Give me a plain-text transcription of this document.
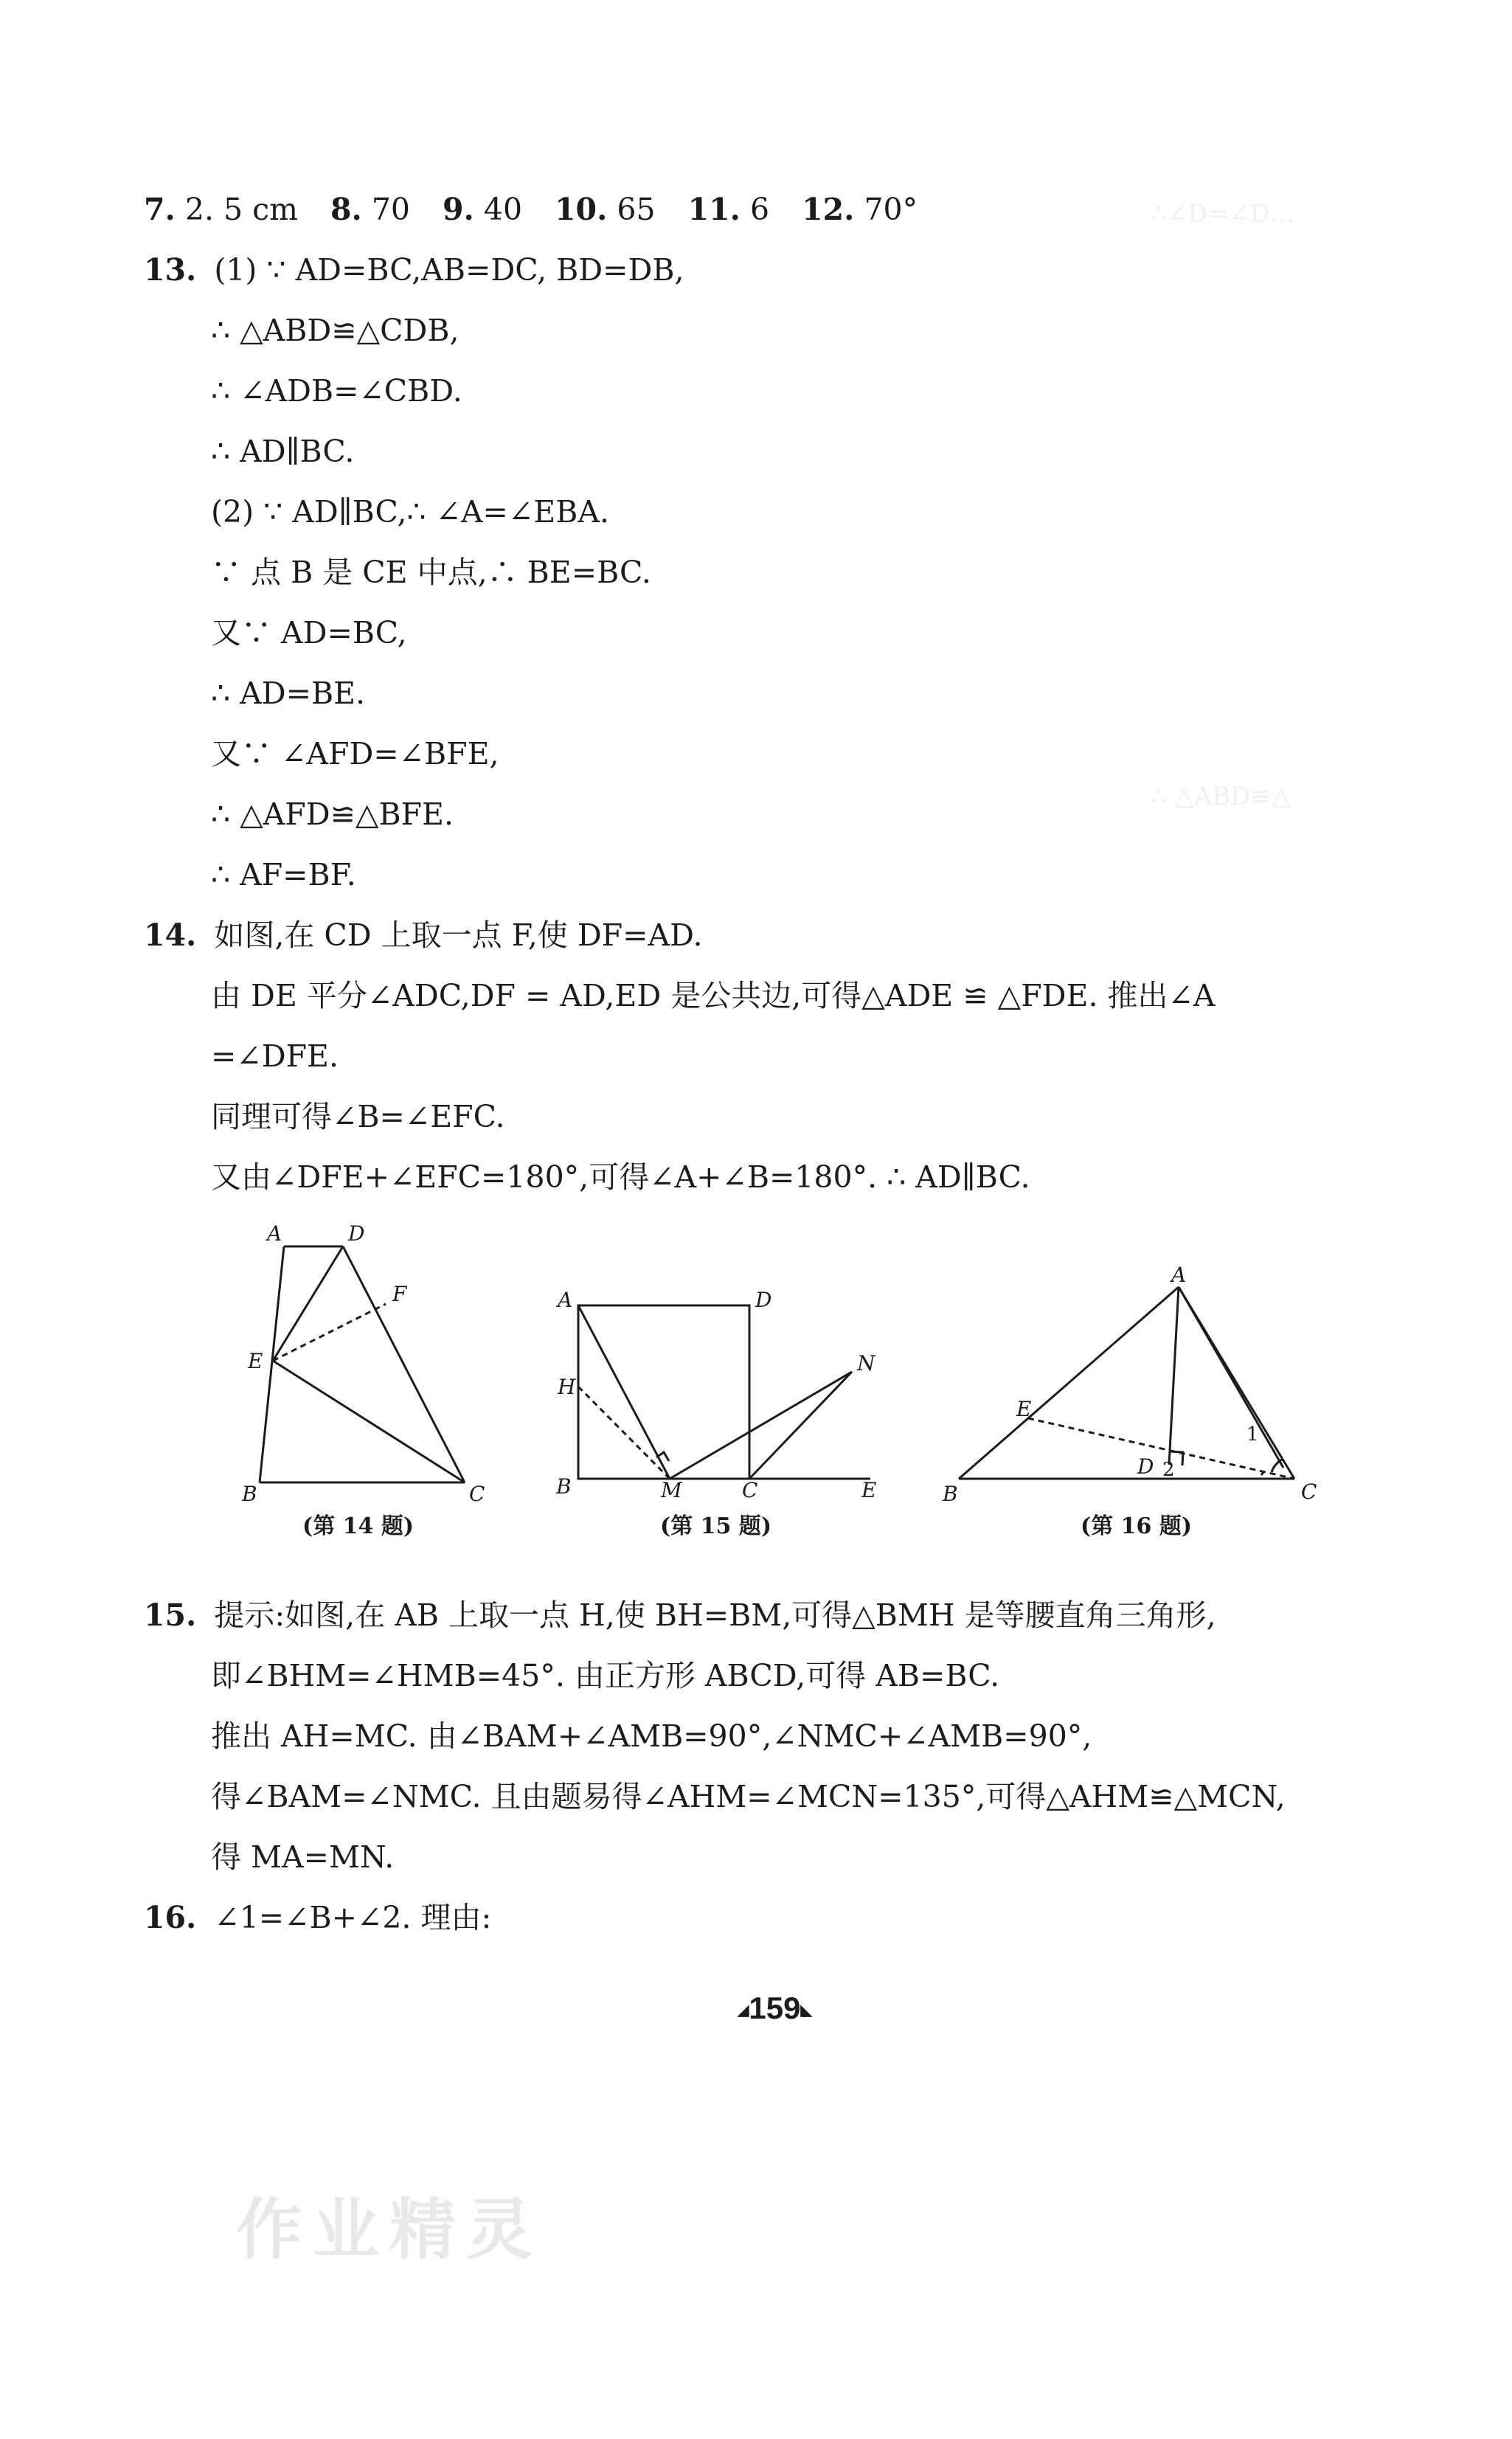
∴∠D=∠D…
∴ △ABD≌△
7. 2. 5 cm 8. 70 9. 40 10. 65 11. 6 12. 70°
13. (1) ∵ AD=BC,AB=DC, BD=DB,
∴ △ABD≌△CDB,
∴ ∠ADB=∠CBD.
∴ AD∥BC.
(2) ∵ AD∥BC,∴ ∠A=∠EBA.
∵ 点 B 是 CE 中点,∴ BE=BC.
又∵ AD=BC,
∴ AD=BE.
又∵ ∠AFD=∠BFE,
∴ △AFD≌△BFE.
∴ AF=BF.
14. 如图,在 CD 上取一点 F,使 DF=AD.
由 DE 平分∠ADC,DF = AD,ED 是公共边,可得△ADE ≌ △FDE. 推出∠A
=∠DFE.
同理可得∠B=∠EFC.
又由∠DFE+∠EFC=180°,可得∠A+∠B=180°. ∴ AD∥BC.
A	D
F
E
B	C
(第 14 题)
A	D
H
N
B	M	C	E
(第 15 题)
A
E
1
D 2
B	C
(第 16 题)
15. 提示:如图,在 AB 上取一点 H,使 BH=BM,可得△BMH 是等腰直角三角形,
即∠BHM=∠HMB=45°. 由正方形 ABCD,可得 AB=BC.
推出 AH=MC. 由∠BAM+∠AMB=90°,∠NMC+∠AMB=90°,
得∠BAM=∠NMC. 且由题易得∠AHM=∠MCN=135°,可得△AHM≌△MCN,
得 MA=MN.
16. ∠1=∠B+∠2. 理由:
◢159◣
作业精灵
